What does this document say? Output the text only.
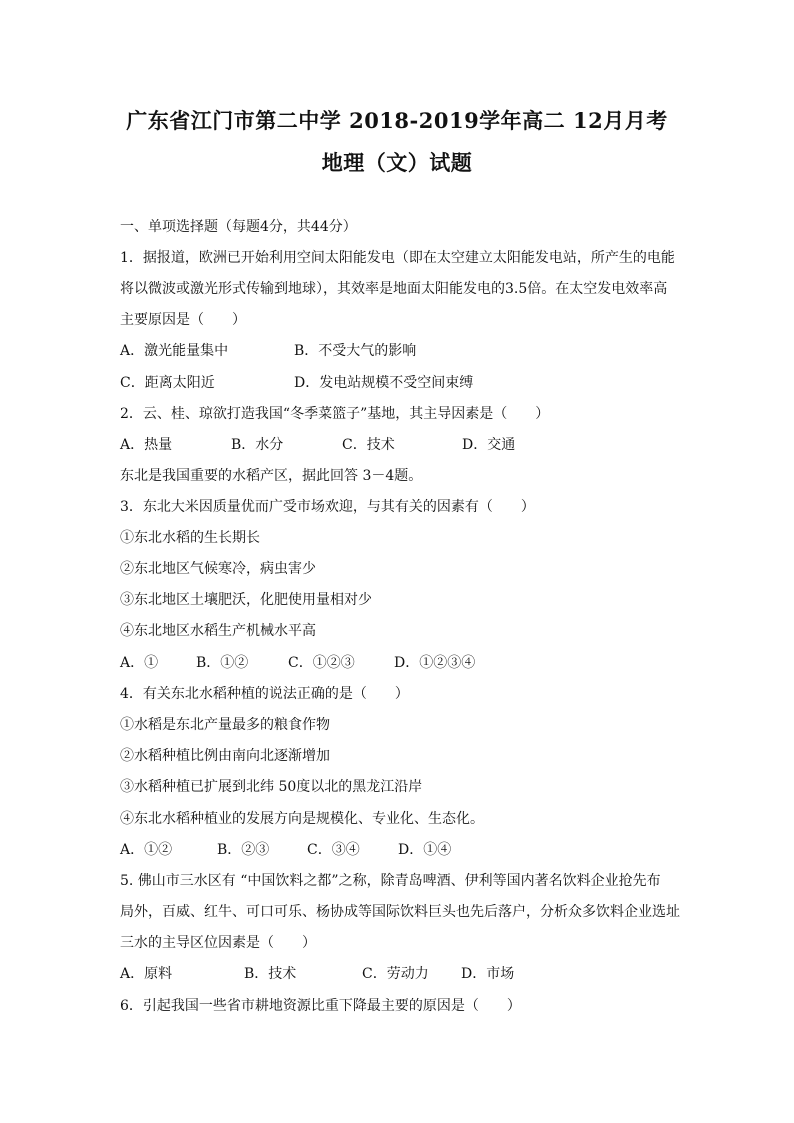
广东省江门市第二中学 2018-2019学年高二 12月月考
地理（文）试题
一、单项选择题（每题4分，共44分）
1．据报道，欧洲已开始利用空间太阳能发电（即在太空建立太阳能发电站，所产生的电能
将以微波或激光形式传输到地球），其效率是地面太阳能发电的3.5倍。在太空发电效率高
主要原因是（　　）
A．激光能量集中	B．不受大气的影响
C．距离太阳近	D．发电站规模不受空间束缚
2．云、桂、琼欲打造我国“冬季菜篮子”基地，其主导因素是（　　）
A．热量	B．水分	C．技术	D．交通
东北是我国重要的水稻产区，据此回答 3－4题。
3．东北大米因质量优而广受市场欢迎，与其有关的因素有（　　）
①东北水稻的生长期长
②东北地区气候寒冷，病虫害少
③东北地区土壤肥沃，化肥使用量相对少
④东北地区水稻生产机械水平高
A．①	B．①②	C．①②③	D．①②③④
4．有关东北水稻种植的说法正确的是（　　）
①水稻是东北产量最多的粮食作物
②水稻种植比例由南向北逐渐增加
③水稻种植已扩展到北纬 50度以北的黑龙江沿岸
④东北水稻种植业的发展方向是规模化、专业化、生态化。
A．①②	B．②③	C．③④	D．①④
5. 佛山市三水区有 “中国饮料之都”之称，除青岛啤酒、伊利等国内著名饮料企业抢先布
局外，百威、红牛、可口可乐、杨协成等国际饮料巨头也先后落户，分析众多饮料企业选址
三水的主导区位因素是（　　）
A．原料	B．技术	C．劳动力 D．市场
6．引起我国一些省市耕地资源比重下降最主要的原因是（　　）
